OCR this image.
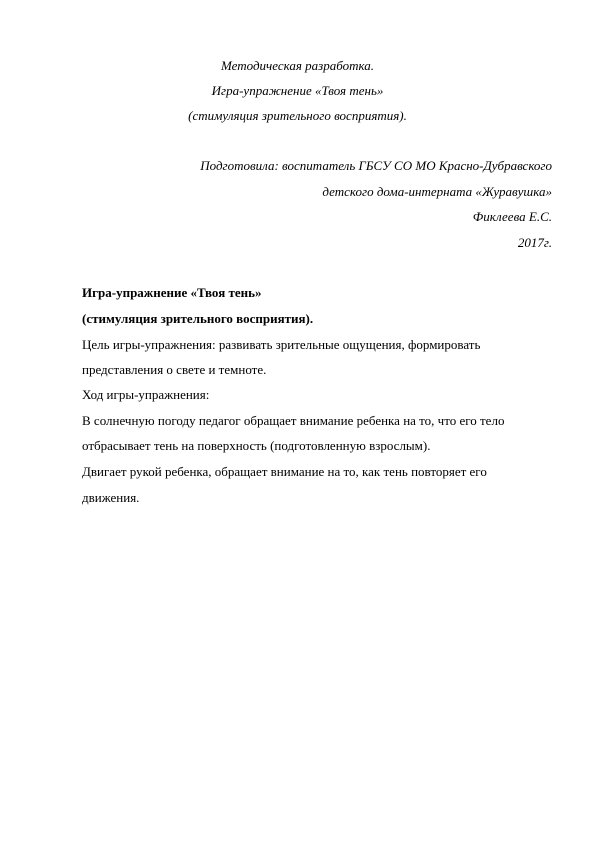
Методическая разработка.
Игра-упражнение «Твоя тень»
(стимуляция зрительного восприятия).
Подготовила: воспитатель ГБСУ СО МО Красно-Дубравского
детского дома-интерната «Журавушка»
Фиклеева Е.С.
2017г.
Игра-упражнение «Твоя тень»
(стимуляция зрительного восприятия).
Цель игры-упражнения: развивать зрительные ощущения, формировать
представления о свете и темноте.
Ход игры-упражнения:
В солнечную погоду педагог обращает внимание ребенка на то, что его тело
отбрасывает тень на поверхность (подготовленную взрослым).
Двигает рукой ребенка, обращает внимание на то, как тень повторяет его
движения.
